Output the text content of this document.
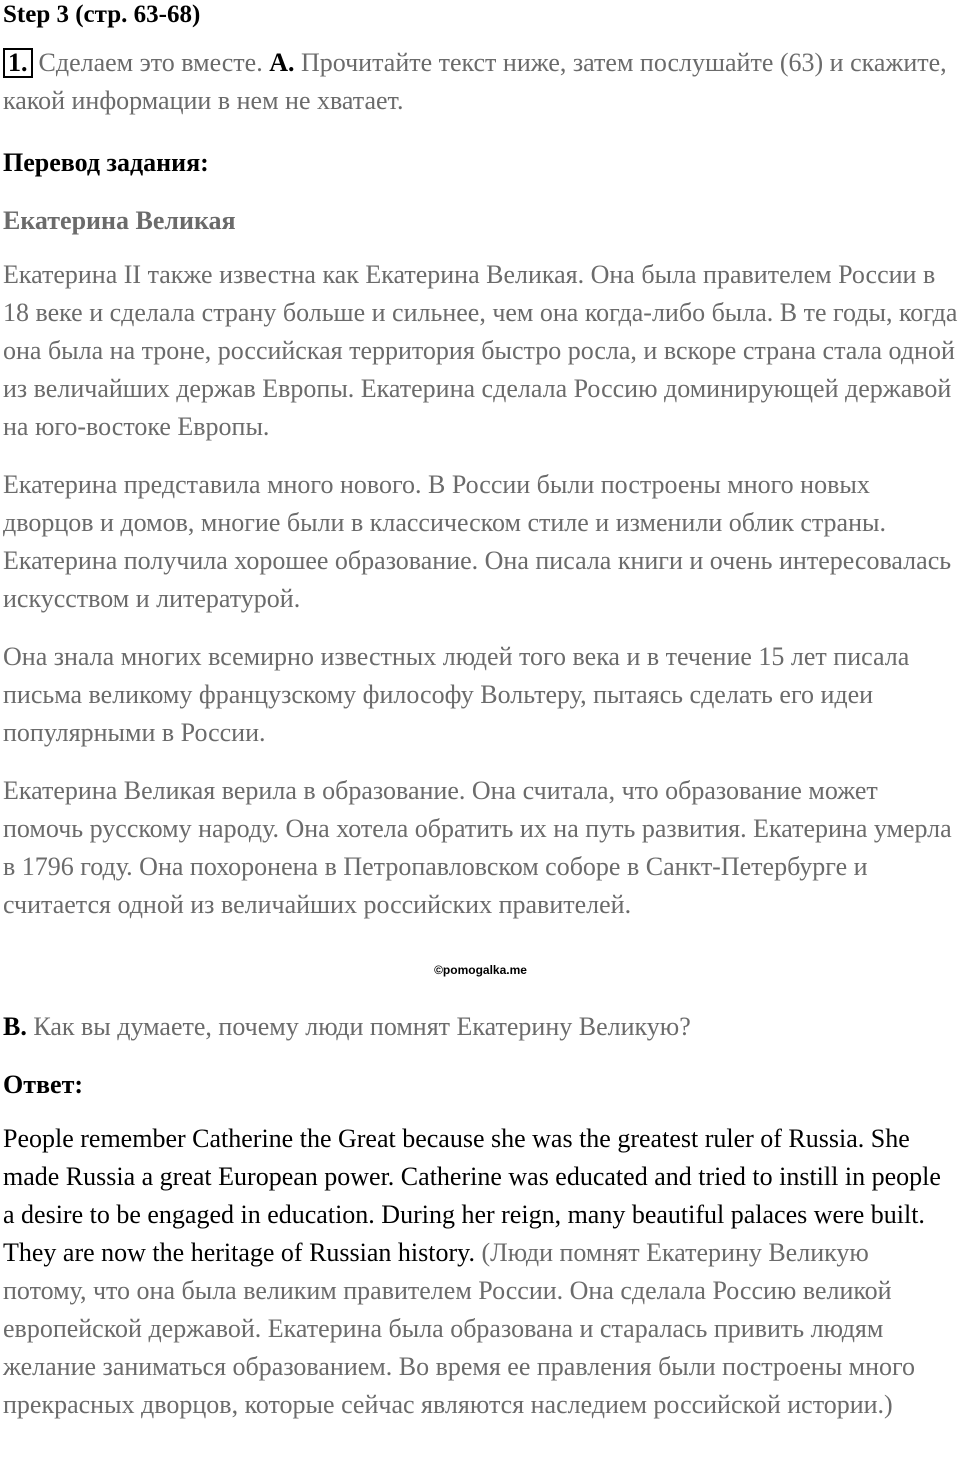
Step 3 (стр. 63-68)
1. Сделаем это вместе. A. Прочитайте текст ниже, затем послушайте (63) и скажите, какой информации в нем не хватает.
Перевод задания:
Екатерина Великая

Екатерина II также известна как Екатерина Великая. Она была правителем России в 18 веке и сделала страну больше и сильнее, чем она когда-либо была. В те годы, когда она была на троне, российская территория быстро росла, и вскоре страна стала одной из величайших держав Европы. Екатерина сделала Россию доминирующей державой на юго-востоке Европы.

Екатерина представила много нового. В России были построены много новых дворцов и домов, многие были в классическом стиле и изменили облик страны. Екатерина получила хорошее образование. Она писала книги и очень интересовалась искусством и литературой.

Она знала многих всемирно известных людей того века и в течение 15 лет писала письма великому французскому философу Вольтеру, пытаясь сделать его идеи популярными в России.

Екатерина Великая верила в образование. Она считала, что образование может помочь русскому народу. Она хотела обратить их на путь развития. Екатерина умерла в 1796 году. Она похоронена в Петропавловском соборе в Санкт-Петербурге и считается одной из величайших российских правителей.

©pomogalka.me
B. Как вы думаете, почему люди помнят Екатерину Великую?
Ответ:
People remember Catherine the Great because she was the greatest ruler of Russia. She made Russia a great European power. Catherine was educated and tried to instill in people a desire to be engaged in education. During her reign, many beautiful palaces were built. They are now the heritage of Russian history. (Люди помнят Екатерину Великую потому, что она была великим правителем России. Она сделала Россию великой европейской державой. Екатерина была образована и старалась привить людям желание заниматься образованием. Во время ее правления были построены много прекрасных дворцов, которые сейчас являются наследием российской истории.)
